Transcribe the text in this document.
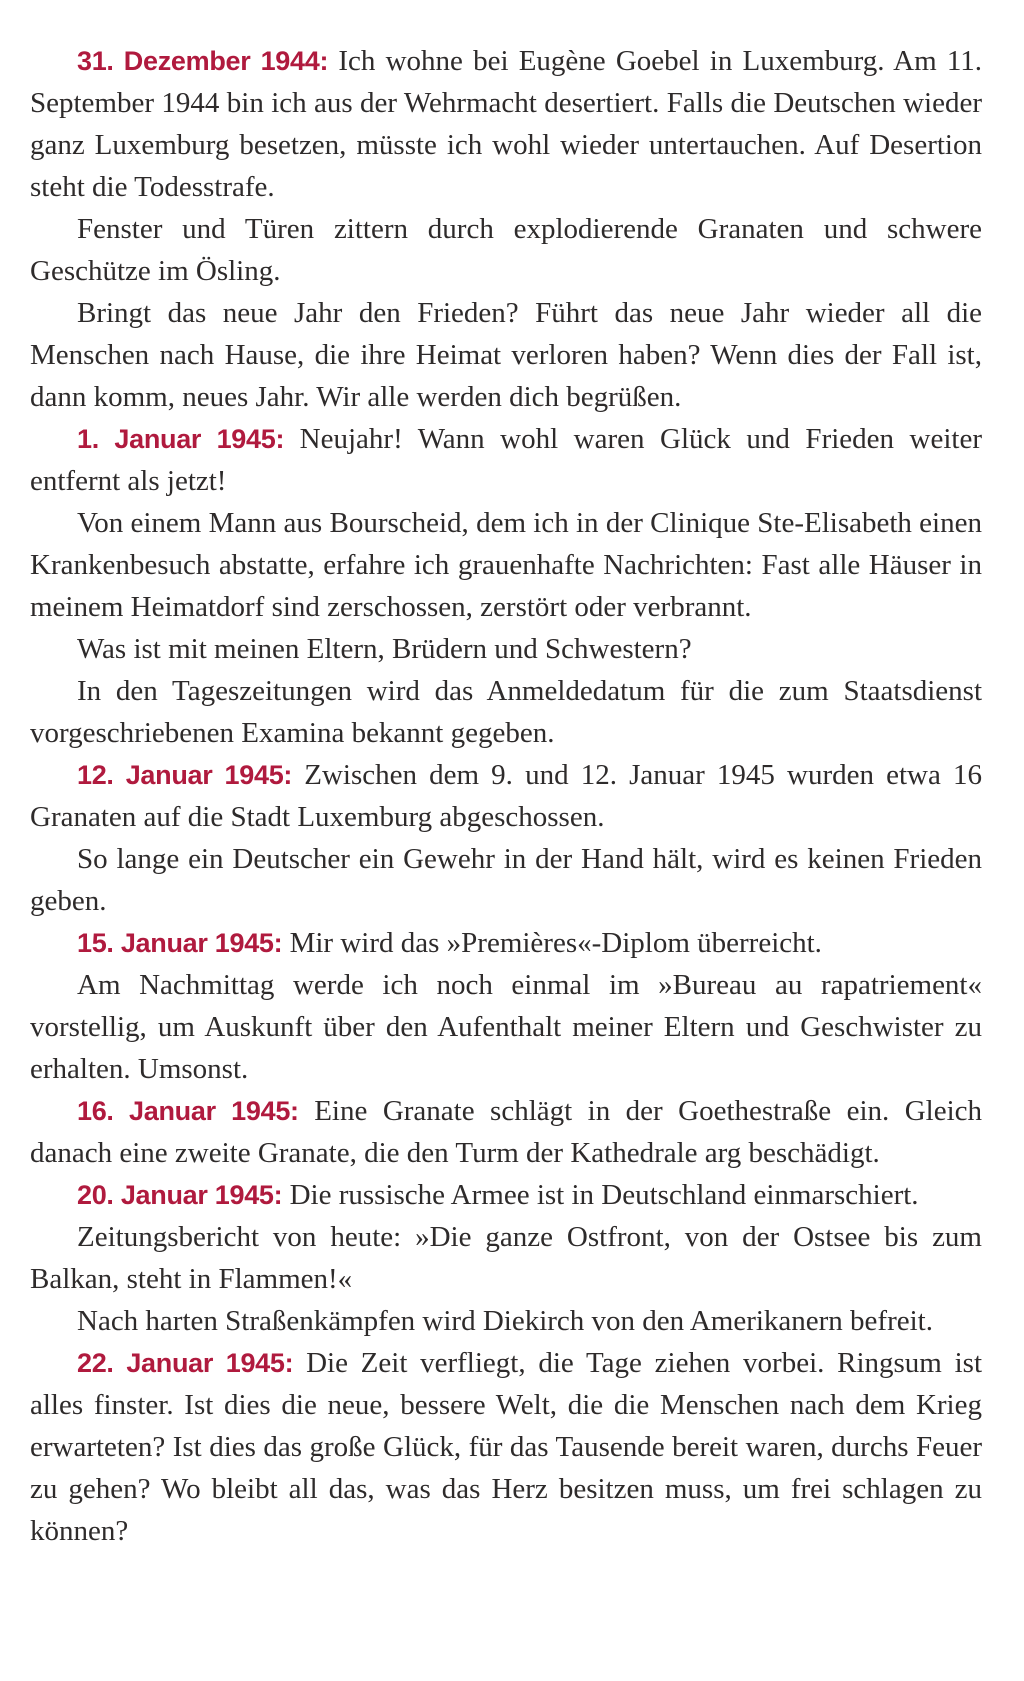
31. Dezember 1944: Ich wohne bei Eugène Goebel in Luxemburg. Am 11. September 1944 bin ich aus der Wehrmacht desertiert. Falls die Deutschen wieder ganz Luxemburg besetzen, müsste ich wohl wieder untertauchen. Auf Desertion steht die Todesstrafe.

Fenster und Türen zittern durch explodierende Granaten und schwere Geschütze im Ösling.

Bringt das neue Jahr den Frieden? Führt das neue Jahr wieder all die Menschen nach Hause, die ihre Heimat verloren haben? Wenn dies der Fall ist, dann komm, neues Jahr. Wir alle werden dich begrüßen.

1. Januar 1945: Neujahr! Wann wohl waren Glück und Frieden weiter entfernt als jetzt!

Von einem Mann aus Bourscheid, dem ich in der Clinique Ste-Elisabeth einen Krankenbesuch abstatte, erfahre ich grauenhafte Nachrichten: Fast alle Häuser in meinem Heimatdorf sind zerschossen, zerstört oder verbrannt.

Was ist mit meinen Eltern, Brüdern und Schwestern?

In den Tageszeitungen wird das Anmeldedatum für die zum Staatsdienst vorgeschriebenen Examina bekannt gegeben.

12. Januar 1945: Zwischen dem 9. und 12. Januar 1945 wurden etwa 16 Granaten auf die Stadt Luxemburg abgeschossen.

So lange ein Deutscher ein Gewehr in der Hand hält, wird es keinen Frieden geben.

15. Januar 1945: Mir wird das »Premières«-Diplom überreicht.

Am Nachmittag werde ich noch einmal im »Bureau au rapatriement« vorstellig, um Auskunft über den Aufenthalt meiner Eltern und Geschwister zu erhalten. Umsonst.

16. Januar 1945: Eine Granate schlägt in der Goethestraße ein. Gleich danach eine zweite Granate, die den Turm der Kathedrale arg beschädigt.

20. Januar 1945: Die russische Armee ist in Deutschland einmarschiert.

Zeitungsbericht von heute: »Die ganze Ostfront, von der Ostsee bis zum Balkan, steht in Flammen!«

Nach harten Straßenkämpfen wird Diekirch von den Amerikanern befreit.

22. Januar 1945: Die Zeit verfliegt, die Tage ziehen vorbei. Ringsum ist alles finster. Ist dies die neue, bessere Welt, die die Menschen nach dem Krieg erwarteten? Ist dies das große Glück, für das Tausende bereit waren, durchs Feuer zu gehen? Wo bleibt all das, was das Herz besitzen muss, um frei schlagen zu können?
